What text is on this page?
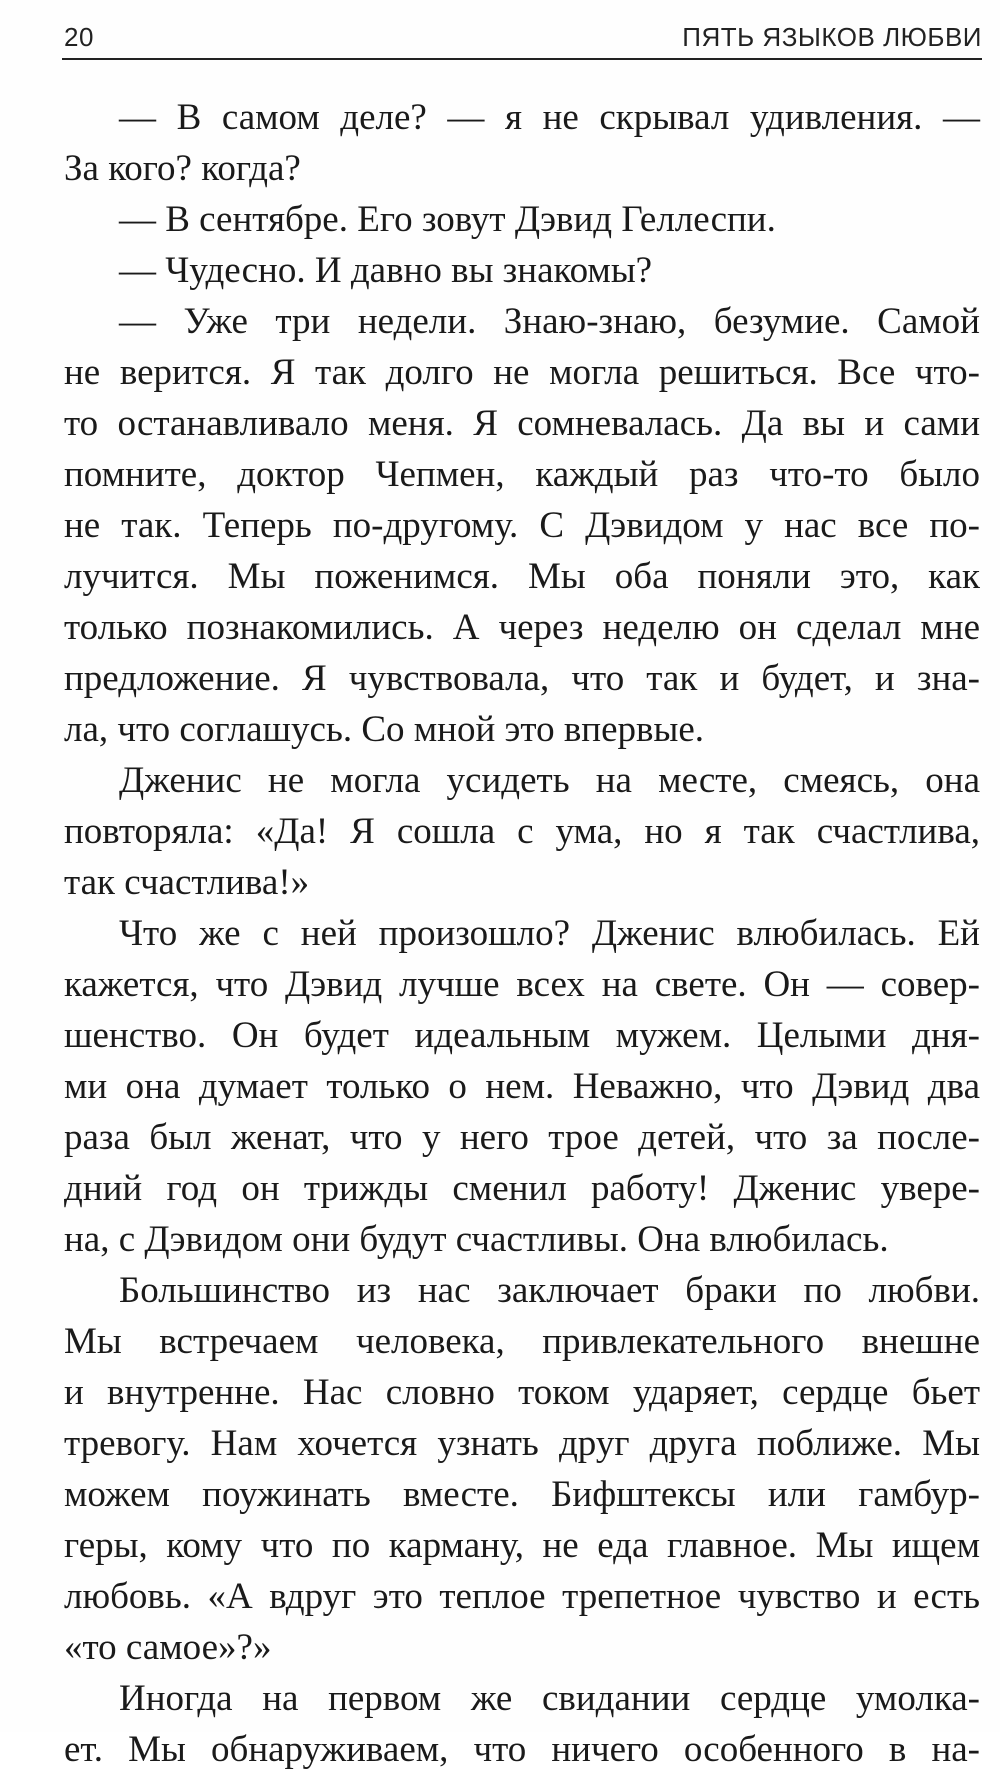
20	ПЯТЬ ЯЗЫКОВ ЛЮБВИ
— В самом деле? — я не скрывал удивления. —
За кого? когда?
— В сентябре. Его зовут Дэвид Геллеспи.
— Чудесно. И давно вы знакомы?
— Уже три недели. Знаю-знаю, безумие. Самой
не верится. Я так долго не могла решиться. Все что-
то останавливало меня. Я сомневалась. Да вы и сами
помните, доктор Чепмен, каждый раз что-то было
не так. Теперь по-другому. С Дэвидом у нас все по-
лучится. Мы поженимся. Мы оба поняли это, как
только познакомились. А через неделю он сделал мне
предложение. Я чувствовала, что так и будет, и зна-
ла, что соглашусь. Со мной это впервые.
Дженис не могла усидеть на месте, смеясь, она
повторяла: «Да! Я сошла с ума, но я так счастлива,
так счастлива!»
Что же с ней произошло? Дженис влюбилась. Ей
кажется, что Дэвид лучше всех на свете. Он — совер-
шенство. Он будет идеальным мужем. Целыми дня-
ми она думает только о нем. Неважно, что Дэвид два
раза был женат, что у него трое детей, что за после-
дний год он трижды сменил работу! Дженис увере-
на, с Дэвидом они будут счастливы. Она влюбилась.
Большинство из нас заключает браки по любви.
Мы встречаем человека, привлекательного внешне
и внутренне. Нас словно током ударяет, сердце бьет
тревогу. Нам хочется узнать друг друга поближе. Мы
можем поужинать вместе. Бифштексы или гамбур-
геры, кому что по карману, не еда главное. Мы ищем
любовь. «А вдруг это теплое трепетное чувство и есть
«то самое»?»
Иногда на первом же свидании сердце умолка-
ет. Мы обнаруживаем, что ничего особенного в на-
